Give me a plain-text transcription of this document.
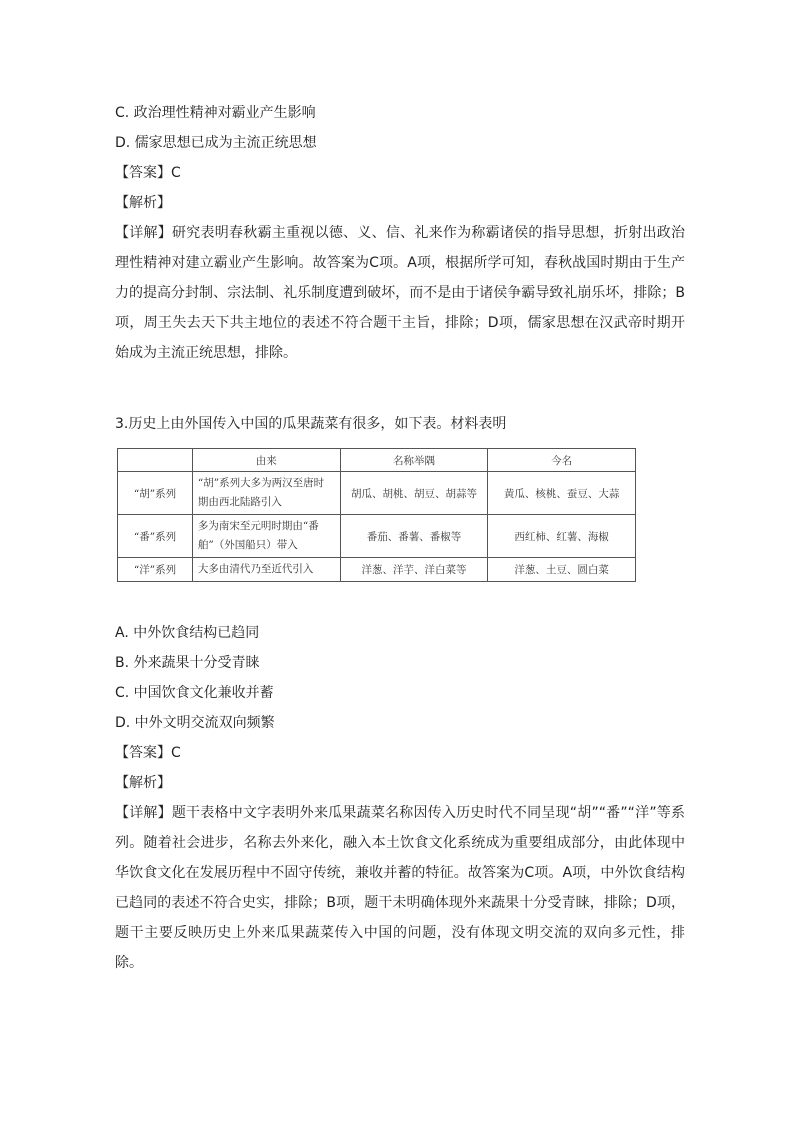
C. 政治理性精神对霸业产生影响
D. 儒家思想已成为主流正统思想
【答案】C
【解析】
【详解】研究表明春秋霸主重视以德、义、信、礼来作为称霸诸侯的指导思想，折射出政治理性精神对建立霸业产生影响。故答案为C项。A项，根据所学可知，春秋战国时期由于生产力的提高分封制、宗法制、礼乐制度遭到破坏，而不是由于诸侯争霸导致礼崩乐坏，排除；B项，周王失去天下共主地位的表述不符合题干主旨，排除；D项，儒家思想在汉武帝时期开始成为主流正统思想，排除。
3.历史上由外国传入中国的瓜果蔬菜有很多，如下表。材料表明
	由来	名称举隅	今名
“胡”系列	“胡”系列大多为两汉至唐时期由西北陆路引入	胡瓜、胡桃、胡豆、胡蒜等	黄瓜、核桃、蚕豆、大蒜
“番”系列	多为南宋至元明时期由“番舶”（外国船只）带入	番茄、番薯、番椒等	西红柿、红薯、海椒
“洋”系列	大多由清代乃至近代引入	洋葱、洋芋、洋白菜等	洋葱、土豆、圆白菜
A. 中外饮食结构已趋同
B. 外来蔬果十分受青睐
C. 中国饮食文化兼收并蓄
D. 中外文明交流双向频繁
【答案】C
【解析】
【详解】题干表格中文字表明外来瓜果蔬菜名称因传入历史时代不同呈现“胡”“番”“洋”等系列。随着社会进步，名称去外来化，融入本土饮食文化系统成为重要组成部分，由此体现中华饮食文化在发展历程中不固守传统，兼收并蓄的特征。故答案为C项。A项，中外饮食结构已趋同的表述不符合史实，排除；B项，题干未明确体现外来蔬果十分受青睐，排除；D项，题干主要反映历史上外来瓜果蔬菜传入中国的问题，没有体现文明交流的双向多元性，排除。
